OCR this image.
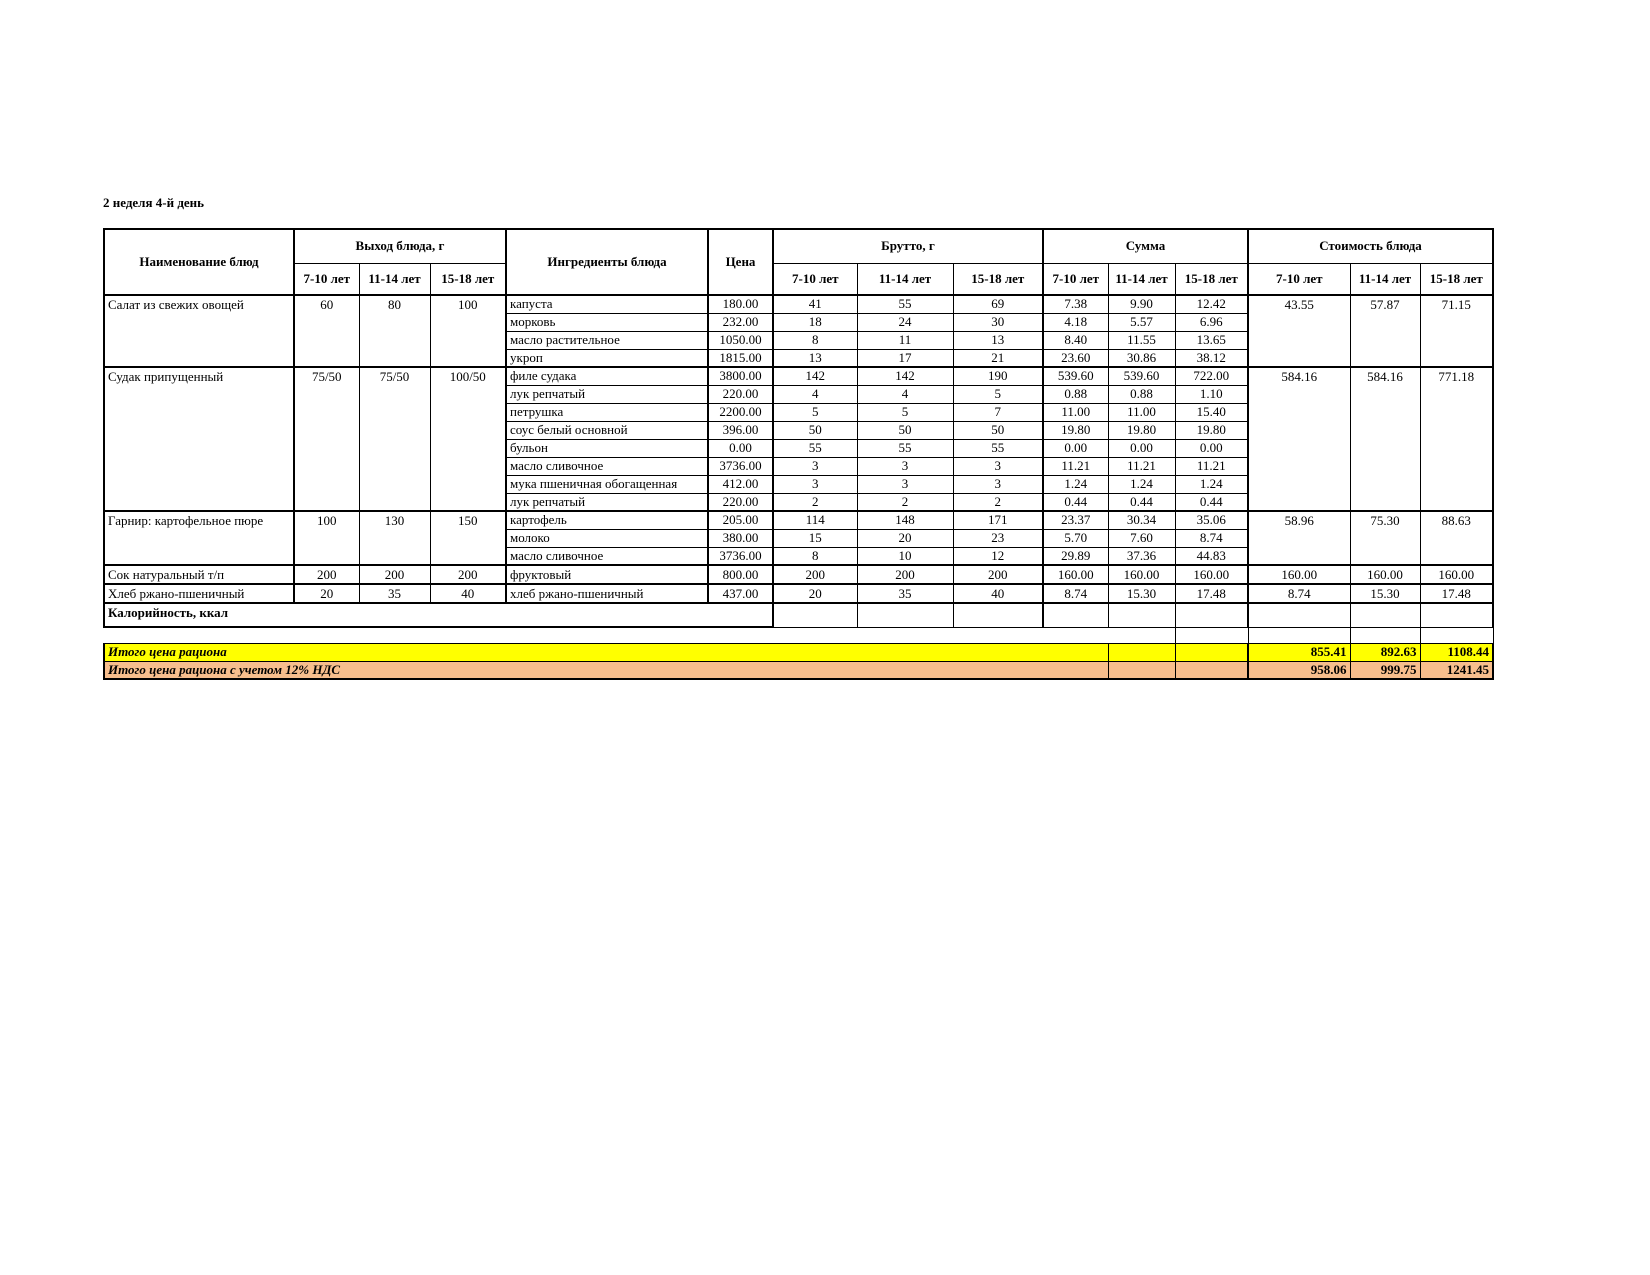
2 неделя 4-й день
Наименование блюд	Выход блюда, г			Ингредиенты блюда	Цена	Брутто, г			Сумма			Стоимость блюда		
	7-10 лет	11-14 лет	15-18 лет			7-10 лет	11-14 лет	15-18 лет	7-10 лет	11-14 лет	15-18 лет	7-10 лет	11-14 лет	15-18 лет
Салат из свежих овощей	60	80	100	капуста	180.00	41	55	69	7.38	9.90	12.42	43.55	57.87	71.15
				морковь	232.00	18	24	30	4.18	5.57	6.96			
				масло растительное	1050.00	8	11	13	8.40	11.55	13.65			
				укроп	1815.00	13	17	21	23.60	30.86	38.12			
Судак припущенный	75/50	75/50	100/50	филе судака	3800.00	142	142	190	539.60	539.60	722.00	584.16	584.16	771.18
				лук репчатый	220.00	4	4	5	0.88	0.88	1.10			
				петрушка	2200.00	5	5	7	11.00	11.00	15.40			
				соус белый основной	396.00	50	50	50	19.80	19.80	19.80			
				бульон	0.00	55	55	55	0.00	0.00	0.00			
				масло сливочное	3736.00	3	3	3	11.21	11.21	11.21			
				мука пшеничная обогащенная	412.00	3	3	3	1.24	1.24	1.24			
				лук репчатый	220.00	2	2	2	0.44	0.44	0.44			
Гарнир: картофельное пюре	100	130	150	картофель	205.00	114	148	171	23.37	30.34	35.06	58.96	75.30	88.63
				молоко	380.00	15	20	23	5.70	7.60	8.74			
				масло сливочное	3736.00	8	10	12	29.89	37.36	44.83			
Сок натуральный т/п	200	200	200	фруктовый	800.00	200	200	200	160.00	160.00	160.00	160.00	160.00	160.00
Хлеб ржано-пшеничный	20	35	40	хлеб ржано-пшеничный	437.00	20	35	40	8.74	15.30	17.48	8.74	15.30	17.48
Калорийность, ккал														

Итого цена рациона												855.41	892.63	1108.44
Итого цена рациона с учетом 12% НДС												958.06	999.75	1241.45
